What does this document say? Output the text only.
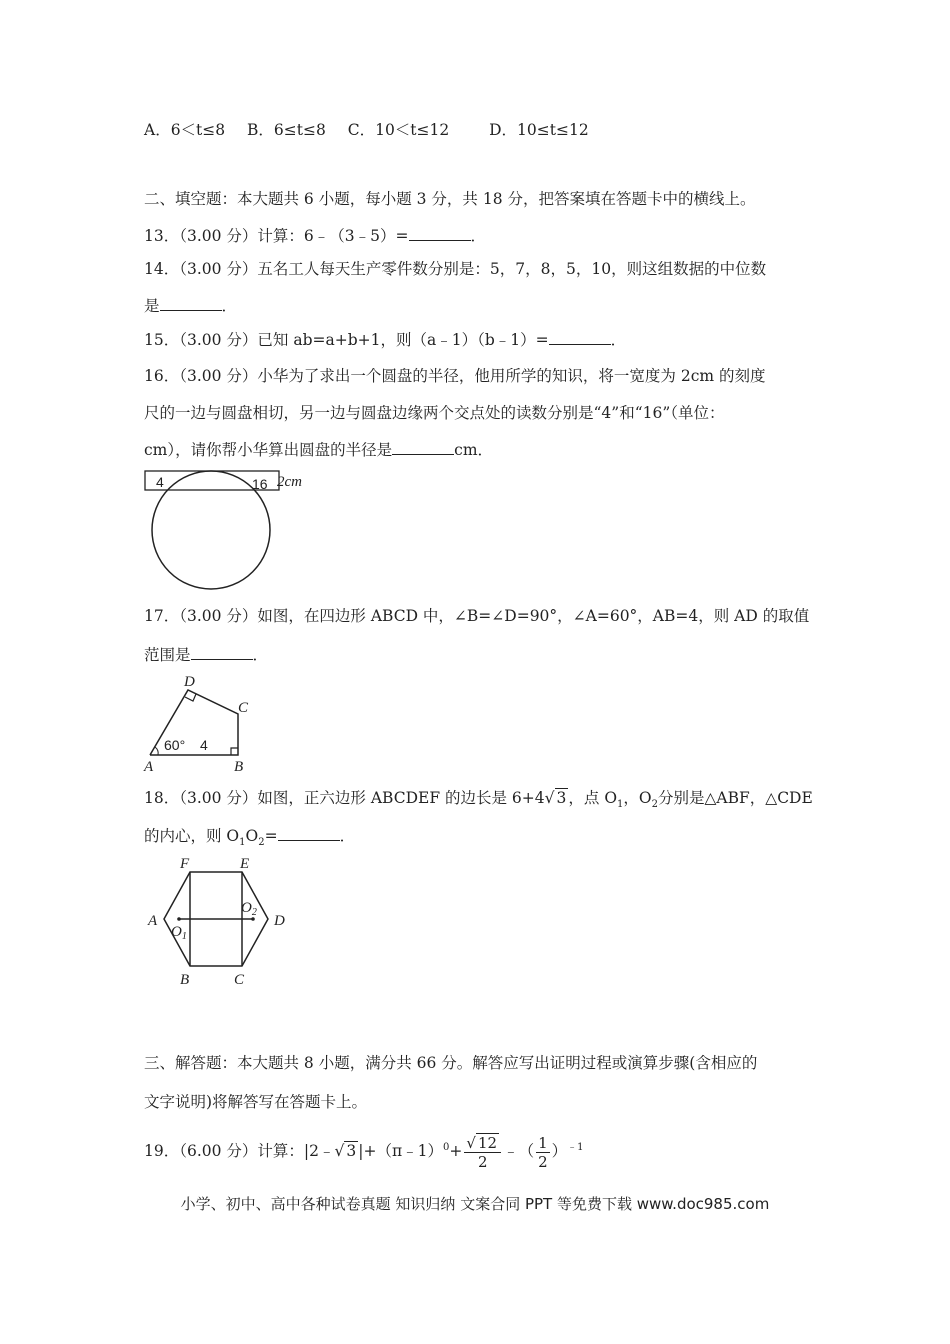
A．6＜t≤8 B．6≤t≤8 C．10＜t≤12	D．10≤t≤12
二、填空题：本大题共 6 小题，每小题 3 分，共 18 分，把答案填在答题卡中的横线上。
13．（3.00 分）计算：6﹣（3﹣5）=	．
14．（3.00 分）五名工人每天生产零件数分别是：5，7，8，5，10，则这组数据的中位数
是	．
15．（3.00 分）已知 ab=a+b+1，则（a﹣1）（b﹣1）=	．
16．（3.00 分）小华为了求出一个圆盘的半径，他用所学的知识，将一宽度为 2cm 的刻度
尺的一边与圆盘相切，另一边与圆盘边缘两个交点处的读数分别是“4”和“16”（单位：
cm），请你帮小华算出圆盘的半径是	cm．
4	16 2cm
17．（3.00 分）如图，在四边形 ABCD 中，∠B=∠D=90°，∠A=60°，AB=4，则 AD 的取值
范围是	．
D
C
A	B
60° 4
18．（3.00 分）如图，正六边形 ABCDEF 的边长是 6+4√ 3 ，点 $O_1$，$O_2$分别是△ABF，△CDE
的内心，则 $O_1O_2=$	．
F	E
A	D
B	C
$O_1$
$O_2$
三、解答题：本大题共 8 小题，满分共 66 分。解答应写出证明过程或演算步骤(含相应的
文字说明)将解答写在答题卡上。
19．（6.00 分）计算：|2﹣√ 3 |+（π﹣1）$^0$+ $\frac{√ 12}{2}$ ﹣（ $\frac{1}{2} )^{﹣1}$
小学、初中、高中各种试卷真题 知识归纳 文案合同 PPT 等免费下载 www.doc985.com
